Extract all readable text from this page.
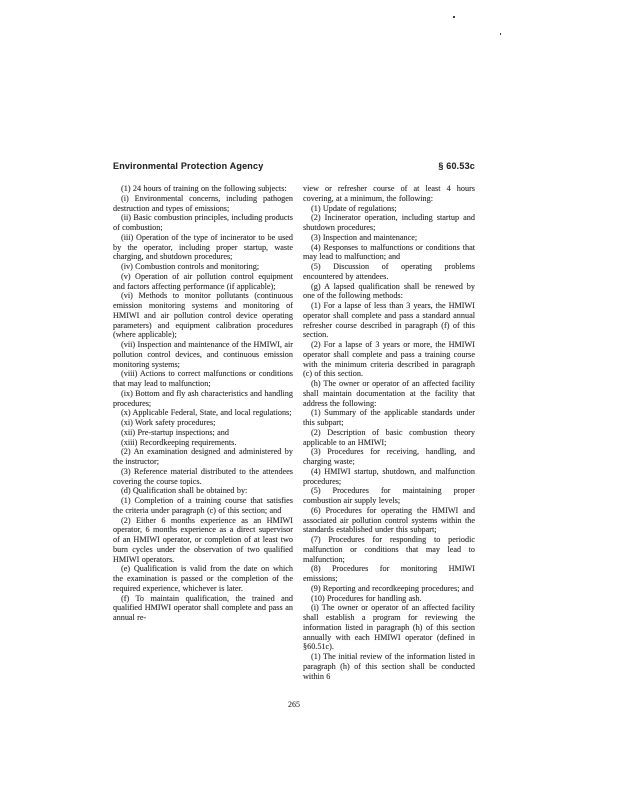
Environmental Protection Agency	§ 60.53c

(1) 24 hours of training on the following subjects:

(i) Environmental concerns, including pathogen destruction and types of emissions;

(ii) Basic combustion principles, including products of combustion;

(iii) Operation of the type of incinerator to be used by the operator, including proper startup, waste charging, and shutdown procedures;

(iv) Combustion controls and monitoring;

(v) Operation of air pollution control equipment and factors affecting performance (if applicable);

(vi) Methods to monitor pollutants (continuous emission monitoring systems and monitoring of HMIWI and air pollution control device operating parameters) and equipment calibration procedures (where applicable);

(vii) Inspection and maintenance of the HMIWI, air pollution control devices, and continuous emission monitoring systems;

(viii) Actions to correct malfunctions or conditions that may lead to malfunction;

(ix) Bottom and fly ash characteristics and handling procedures;

(x) Applicable Federal, State, and local regulations;

(xi) Work safety procedures;

(xii) Pre-startup inspections; and

(xiii) Recordkeeping requirements.

(2) An examination designed and administered by the instructor;

(3) Reference material distributed to the attendees covering the course topics.

(d) Qualification shall be obtained by:

(1) Completion of a training course that satisfies the criteria under paragraph (c) of this section; and

(2) Either 6 months experience as an HMIWI operator, 6 months experience as a direct supervisor of an HMIWI operator, or completion of at least two burn cycles under the observation of two qualified HMIWI operators.

(e) Qualification is valid from the date on which the examination is passed or the completion of the required experience, whichever is later.

(f) To maintain qualification, the trained and qualified HMIWI operator shall complete and pass an annual re-

view or refresher course of at least 4 hours covering, at a minimum, the following:

(1) Update of regulations;

(2) Incinerator operation, including startup and shutdown procedures;

(3) Inspection and maintenance;

(4) Responses to malfunctions or conditions that may lead to malfunction; and

(5) Discussion of operating problems encountered by attendees.

(g) A lapsed qualification shall be renewed by one of the following methods:

(1) For a lapse of less than 3 years, the HMIWI operator shall complete and pass a standard annual refresher course described in paragraph (f) of this section.

(2) For a lapse of 3 years or more, the HMIWI operator shall complete and pass a training course with the minimum criteria described in paragraph (c) of this section.

(h) The owner or operator of an affected facility shall maintain documentation at the facility that address the following:

(1) Summary of the applicable standards under this subpart;

(2) Description of basic combustion theory applicable to an HMIWI;

(3) Procedures for receiving, handling, and charging waste;

(4) HMIWI startup, shutdown, and malfunction procedures;

(5) Procedures for maintaining proper combustion air supply levels;

(6) Procedures for operating the HMIWI and associated air pollution control systems within the standards established under this subpart;

(7) Procedures for responding to periodic malfunction or conditions that may lead to malfunction;

(8) Procedures for monitoring HMIWI emissions;

(9) Reporting and recordkeeping procedures; and

(10) Procedures for handling ash.

(i) The owner or operator of an affected facility shall establish a program for reviewing the information listed in paragraph (h) of this section annually with each HMIWI operator (defined in §60.51c).

(1) The initial review of the information listed in paragraph (h) of this section shall be conducted within 6

265
